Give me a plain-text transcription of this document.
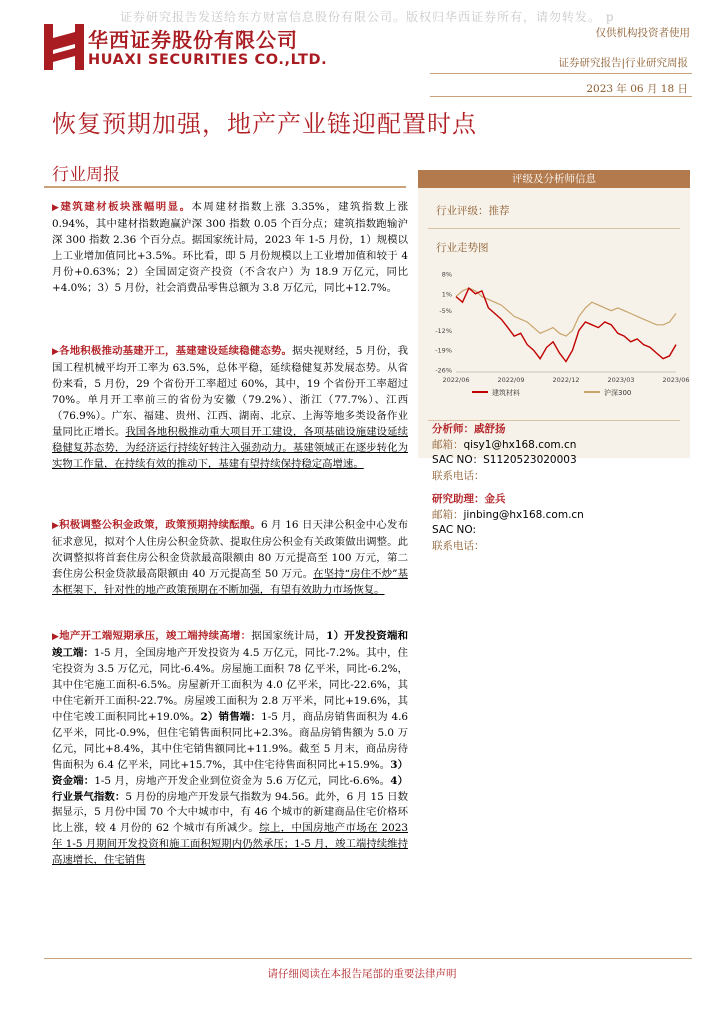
证券研究报告发送给东方财富信息股份有限公司。版权归华西证券所有，请勿转发。 p
仅供机构投资者使用
华西证券股份有限公司
HUAXI SECURITIES CO.,LTD.	证券研究报告|行业研究周报
2023 年 06 月 18 日
恢复预期加强，地产产业链迎配置时点
行业周报
▶建筑建材板块涨幅明显。本周建材指数上涨 3.35%，建筑指数上涨 0.94%，其中建材指数跑赢沪深 300 指数 0.05 个百分点；建筑指数跑输沪深 300 指数 2.36 个百分点。据国家统计局，2023 年 1-5 月份，1）规模以上工业增加值同比+3.5%。环比看，即 5 月份规模以上工业增加值和较于 4 月份+0.63%；2）全国固定资产投资（不含农户）为 18.9 万亿元，同比+4.0%；3）5 月份，社会消费品零售总额为 3.8 万亿元，同比+12.7%。
▶各地积极推动基建开工，基建建设延续稳健态势。据央视财经，5 月份，我国工程机械平均开工率为 63.5%，总体平稳，延续稳健复苏发展态势。从省份来看，5 月份，29 个省份开工率超过 60%，其中，19 个省份开工率超过 70%。单月开工率前三的省份为安徽（79.2%）、浙江（77.7%）、江西（76.9%）。广东、福建、贵州、江西、湖南、北京、上海等地多类设备作业量同比正增长。我国各地积极推动重大项目开工建设，各项基础设施建设延续稳健复苏态势，为经济运行持续好转注入强劲动力。基建领域正在逐步转化为实物工作量，在持续有效的推动下，基建有望持续保持稳定高增速。
▶积极调整公积金政策，政策预期持续酝酿。6 月 16 日天津公积金中心发布征求意见，拟对个人住房公积金贷款、提取住房公积金有关政策做出调整。此次调整拟将首套住房公积金贷款最高限额由 80 万元提高至 100 万元，第二套住房公积金贷款最高限额由 40 万元提高至 50 万元。在坚持“房住不炒”基本框架下，针对性的地产政策预期在不断加强，有望有效助力市场恢复。
▶地产开工端短期承压，竣工端持续高增：据国家统计局，1）开发投资端和竣工端：1-5 月，全国房地产开发投资为 4.5 万亿元，同比-7.2%。其中，住宅投资为 3.5 万亿元，同比-6.4%。房屋施工面积 78 亿平米，同比-6.2%，其中住宅施工面积-6.5%。房屋新开工面积为 4.0 亿平米，同比-22.6%，其中住宅新开工面积-22.7%。房屋竣工面积为 2.8 万平米，同比+19.6%，其中住宅竣工面积同比+19.0%。2）销售端：1-5 月，商品房销售面积为 4.6 亿平米，同比-0.9%，但住宅销售面积同比+2.3%。商品房销售额为 5.0 万亿元，同比+8.4%，其中住宅销售额同比+11.9%。截至 5 月末，商品房待售面积为 6.4 亿平米，同比+15.7%，其中住宅待售面积同比+15.9%。3）资金端：1-5 月，房地产开发企业到位资金为 5.6 万亿元，同比-6.6%。4）行业景气指数：5 月份的房地产开发景气指数为 94.56。此外，6 月 15 日数据显示，5 月份中国 70 个大中城市中，有 46 个城市的新建商品住宅价格环比上涨，较 4 月份的 62 个城市有所减少。综上，中国房地产市场在 2023 年 1-5 月期间开发投资和施工面积短期内仍然承压；1-5 月，竣工端持续维持高速增长，住宅销售
评级及分析师信息
行业评级：推荐
行业走势图
8%
1%
-5%
-12%
-19%
-26%
2022/06	2022/09	2022/12	2023/03	2023/06
建筑材料	沪深300
分析师：戚舒扬
邮箱：qisy1@hx168.com.cn
SAC NO：S1120523020003
联系电话：
研究助理：金兵
邮箱：jinbing@hx168.com.cn
SAC NO:
联系电话：
请仔细阅读在本报告尾部的重要法律声明
